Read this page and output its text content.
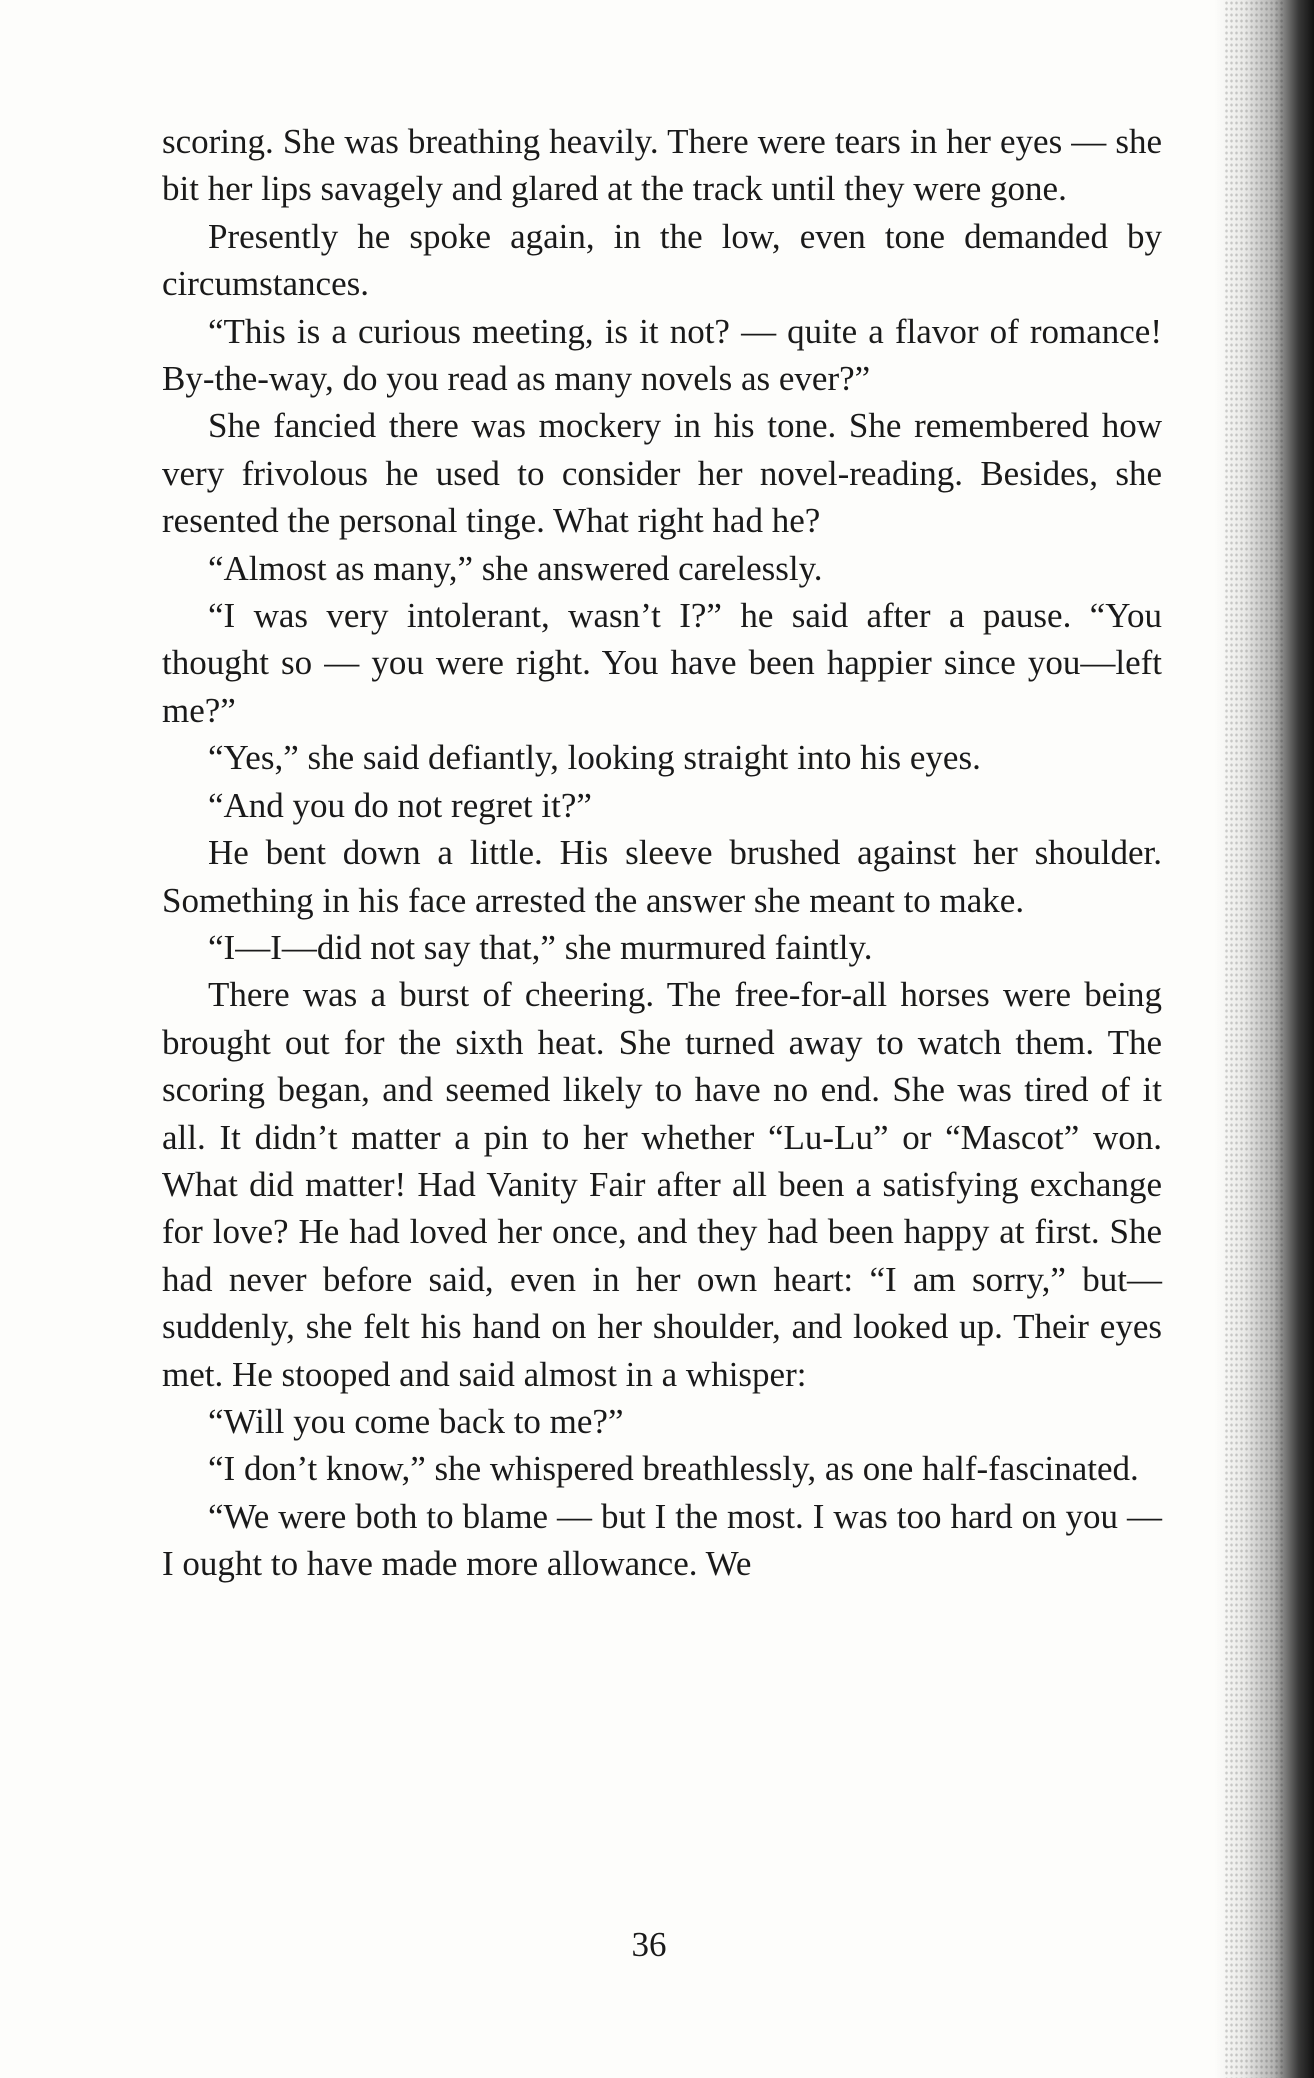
scoring. She was breathing heavily. There were tears in her eyes — she bit her lips savagely and glared at the track until they were gone.

Presently he spoke again, in the low, even tone demanded by circumstances.

“This is a curious meeting, is it not? — quite a flavor of romance! By-the-way, do you read as many novels as ever?”

She fancied there was mockery in his tone. She remembered how very frivolous he used to consider her novel-reading. Besides, she resented the personal tinge. What right had he?

“Almost as many,” she answered carelessly.

“I was very intolerant, wasn’t I?” he said after a pause. “You thought so — you were right. You have been happier since you—left me?”

“Yes,” she said defiantly, looking straight into his eyes.

“And you do not regret it?”

He bent down a little. His sleeve brushed against her shoulder. Something in his face arrested the answer she meant to make.

“I—I—did not say that,” she murmured faintly.

There was a burst of cheering. The free-for-all horses were being brought out for the sixth heat. She turned away to watch them. The scoring began, and seemed likely to have no end. She was tired of it all. It didn’t matter a pin to her whether “Lu-Lu” or “Mascot” won. What did matter! Had Vanity Fair after all been a satisfying exchange for love? He had loved her once, and they had been happy at first. She had never before said, even in her own heart: “I am sorry,” but—suddenly, she felt his hand on her shoulder, and looked up. Their eyes met. He stooped and said almost in a whisper:

“Will you come back to me?”

“I don’t know,” she whispered breathlessly, as one half-fascinated.

“We were both to blame — but I the most. I was too hard on you — I ought to have made more allowance. We

36
